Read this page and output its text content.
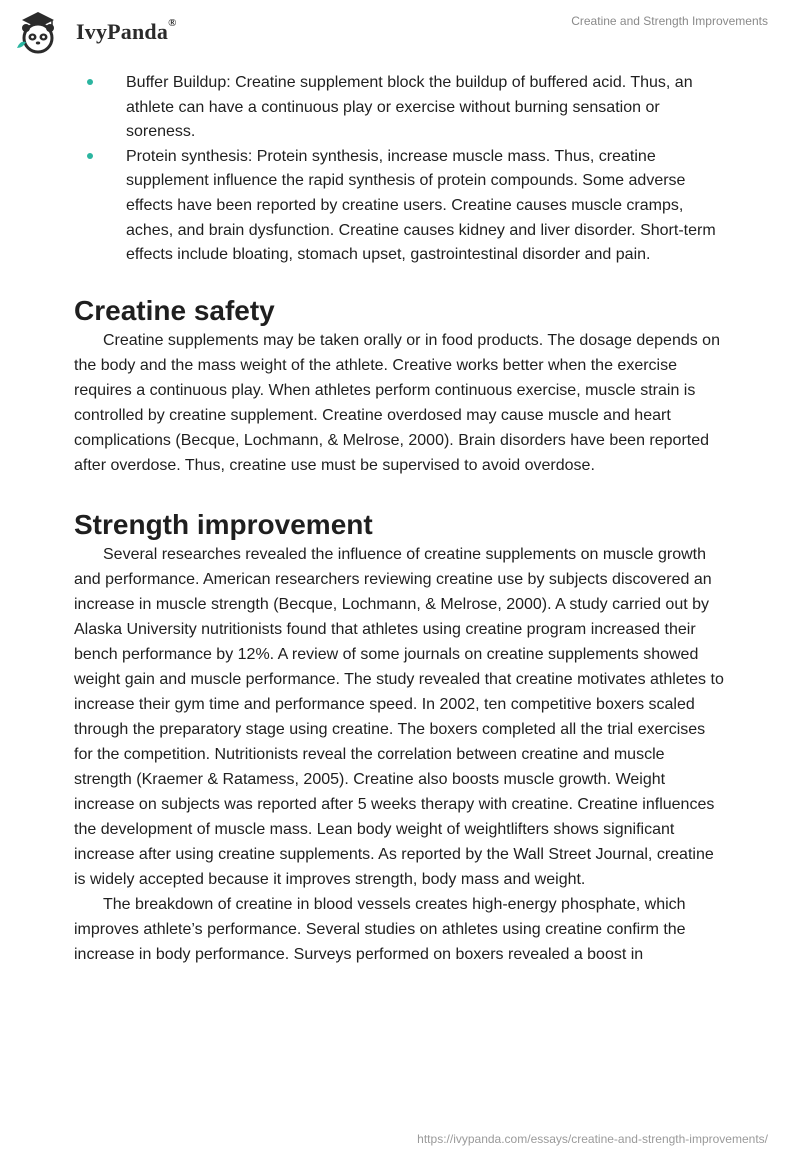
IvyPanda®	Creatine and Strength Improvements
Buffer Buildup: Creatine supplement block the buildup of buffered acid. Thus, an athlete can have a continuous play or exercise without burning sensation or soreness.
Protein synthesis: Protein synthesis, increase muscle mass. Thus, creatine supplement influence the rapid synthesis of protein compounds. Some adverse effects have been reported by creatine users. Creatine causes muscle cramps, aches, and brain dysfunction. Creatine causes kidney and liver disorder. Short-term effects include bloating, stomach upset, gastrointestinal disorder and pain.
Creatine safety

Creatine supplements may be taken orally or in food products. The dosage depends on the body and the mass weight of the athlete. Creative works better when the exercise requires a continuous play. When athletes perform continuous exercise, muscle strain is controlled by creatine supplement. Creatine overdosed may cause muscle and heart complications (Becque, Lochmann, & Melrose, 2000). Brain disorders have been reported after overdose. Thus, creatine use must be supervised to avoid overdose.

Strength improvement

Several researches revealed the influence of creatine supplements on muscle growth and performance. American researchers reviewing creatine use by subjects discovered an increase in muscle strength (Becque, Lochmann, & Melrose, 2000). A study carried out by Alaska University nutritionists found that athletes using creatine program increased their bench performance by 12%. A review of some journals on creatine supplements showed weight gain and muscle performance. The study revealed that creatine motivates athletes to increase their gym time and performance speed. In 2002, ten competitive boxers scaled through the preparatory stage using creatine. The boxers completed all the trial exercises for the competition. Nutritionists reveal the correlation between creatine and muscle strength (Kraemer & Ratamess, 2005). Creatine also boosts muscle growth. Weight increase on subjects was reported after 5 weeks therapy with creatine. Creatine influences the development of muscle mass. Lean body weight of weightlifters shows significant increase after using creatine supplements. As reported by the Wall Street Journal, creatine is widely accepted because it improves strength, body mass and weight.

The breakdown of creatine in blood vessels creates high-energy phosphate, which improves athlete’s performance. Several studies on athletes using creatine confirm the increase in body performance. Surveys performed on boxers revealed a boost in

https://ivypanda.com/essays/creatine-and-strength-improvements/
